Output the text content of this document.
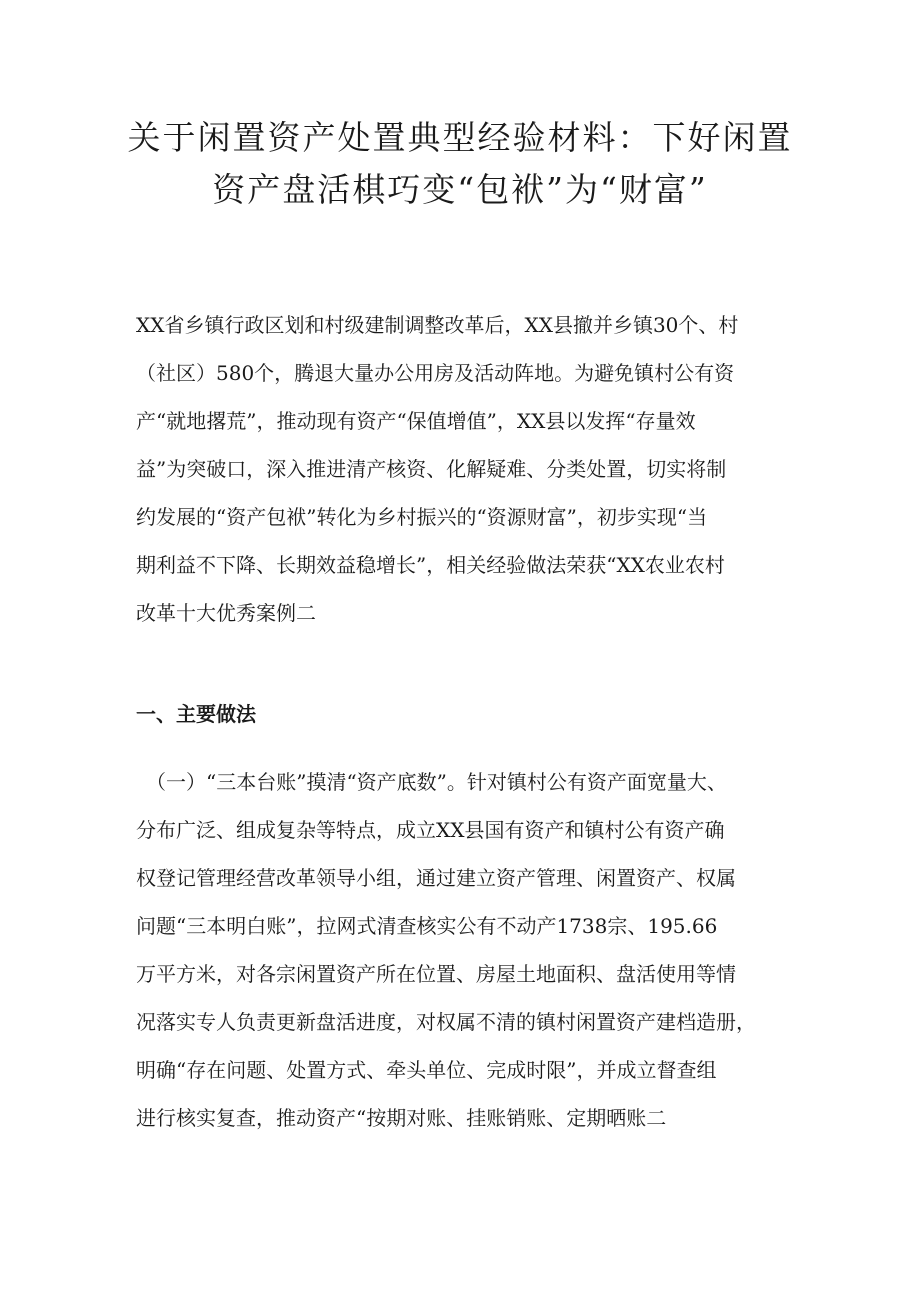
关于闲置资产处置典型经验材料：下好闲置
资产盘活棋巧变“包袱”为“财富”
XX省乡镇行政区划和村级建制调整改革后，XX县撤并乡镇30个、村
（社区）580个，腾退大量办公用房及活动阵地。为避免镇村公有资
产“就地撂荒”，推动现有资产“保值增值”，XX县以发挥“存量效
益”为突破口，深入推进清产核资、化解疑难、分类处置，切实将制
约发展的“资产包袱”转化为乡村振兴的“资源财富”，初步实现“当
期利益不下降、长期效益稳增长”，相关经验做法荣获“XX农业农村
改革十大优秀案例二
一、主要做法
（一）“三本台账”摸清“资产底数”。针对镇村公有资产面宽量大、
分布广泛、组成复杂等特点，成立XX县国有资产和镇村公有资产确
权登记管理经营改革领导小组，通过建立资产管理、闲置资产、权属
问题“三本明白账”，拉网式清查核实公有不动产1738宗、195.66
万平方米，对各宗闲置资产所在位置、房屋土地面积、盘活使用等情
况落实专人负责更新盘活进度，对权属不清的镇村闲置资产建档造册，
明确“存在问题、处置方式、牵头单位、完成时限”，并成立督查组
进行核实复查，推动资产“按期对账、挂账销账、定期晒账二
